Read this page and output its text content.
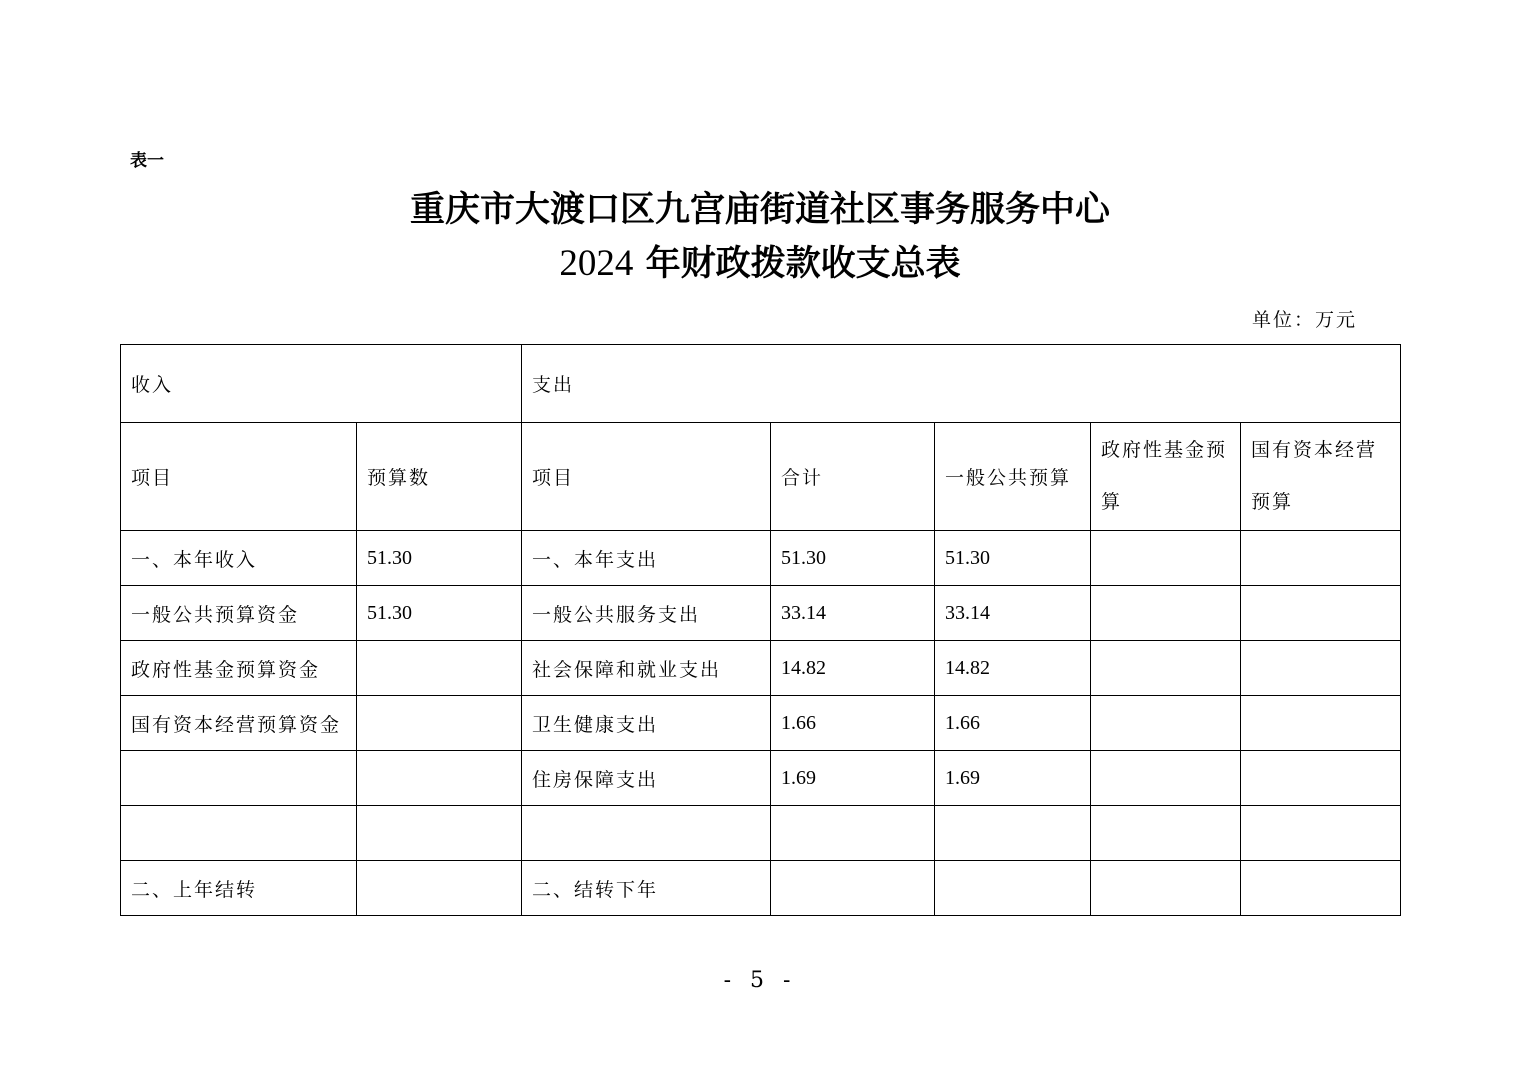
表一
重庆市大渡口区九宫庙街道社区事务服务中心
2024 年财政拨款收支总表
单位：万元
收入		支出				
项目	预算数	项目	合计	一般公共预算	政府性基金预算	国有资本经营预算
一、本年收入	51.30	一、本年支出	51.30	51.30		
一般公共预算资金	51.30	一般公共服务支出	33.14	33.14		
政府性基金预算资金		社会保障和就业支出	14.82	14.82		
国有资本经营预算资金		卫生健康支出	1.66	1.66		
		住房保障支出	1.69	1.69		

二、上年结转		二、结转下年				
- 5 -
